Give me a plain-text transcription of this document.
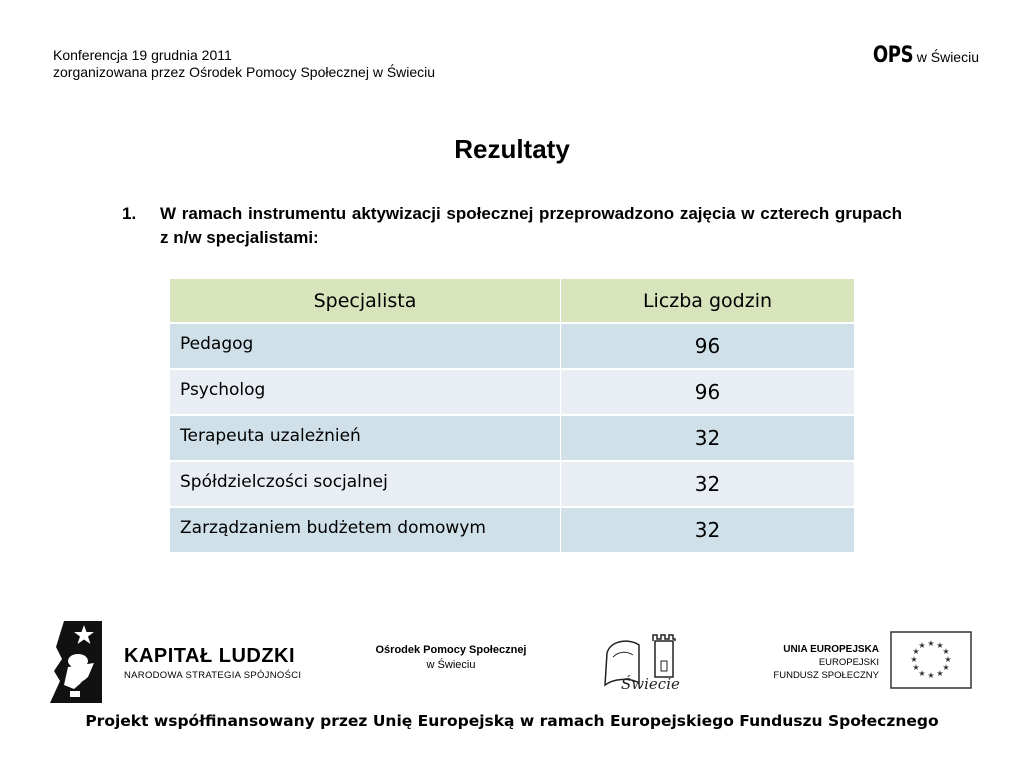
Konferencja 19 grudnia 2011
zorganizowana przez Ośrodek Pomocy Społecznej w Świeciu
OPS w Świeciu
Rezultaty
1. W ramach instrumentu aktywizacji społecznej przeprowadzono zajęcia w czterech grupach z n/w specjalistami:
Specjalista	Liczba godzin
Pedagog	96
Psycholog	96
Terapeuta uzależnień	32
Spółdzielczości socjalnej	32
Zarządzaniem budżetem domowym	32
KAPITAŁ LUDZKI
NARODOWA STRATEGIA SPÓJNOŚCI
Ośrodek Pomocy Społecznej
w Świeciu
Świecie
UNIA EUROPEJSKA
EUROPEJSKI
FUNDUSZ SPOŁECZNY
★ ★
★
★
★
★
★
★
★
★
★
★
Projekt współfinansowany przez Unię Europejską w ramach Europejskiego Funduszu Społecznego
